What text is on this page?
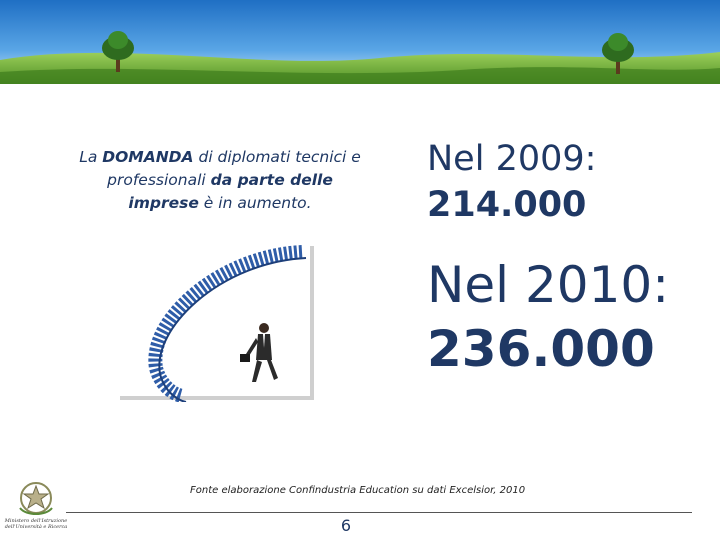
La DOMANDA di diplomati tecnici e professionali da parte delle imprese è in aumento.
Nel 2009:
214.000
Nel 2010:
236.000
Fonte elaborazione Confindustria Education su dati Excelsior, 2010
6
Ministero dell'Istruzione dell'Università e Ricerca
